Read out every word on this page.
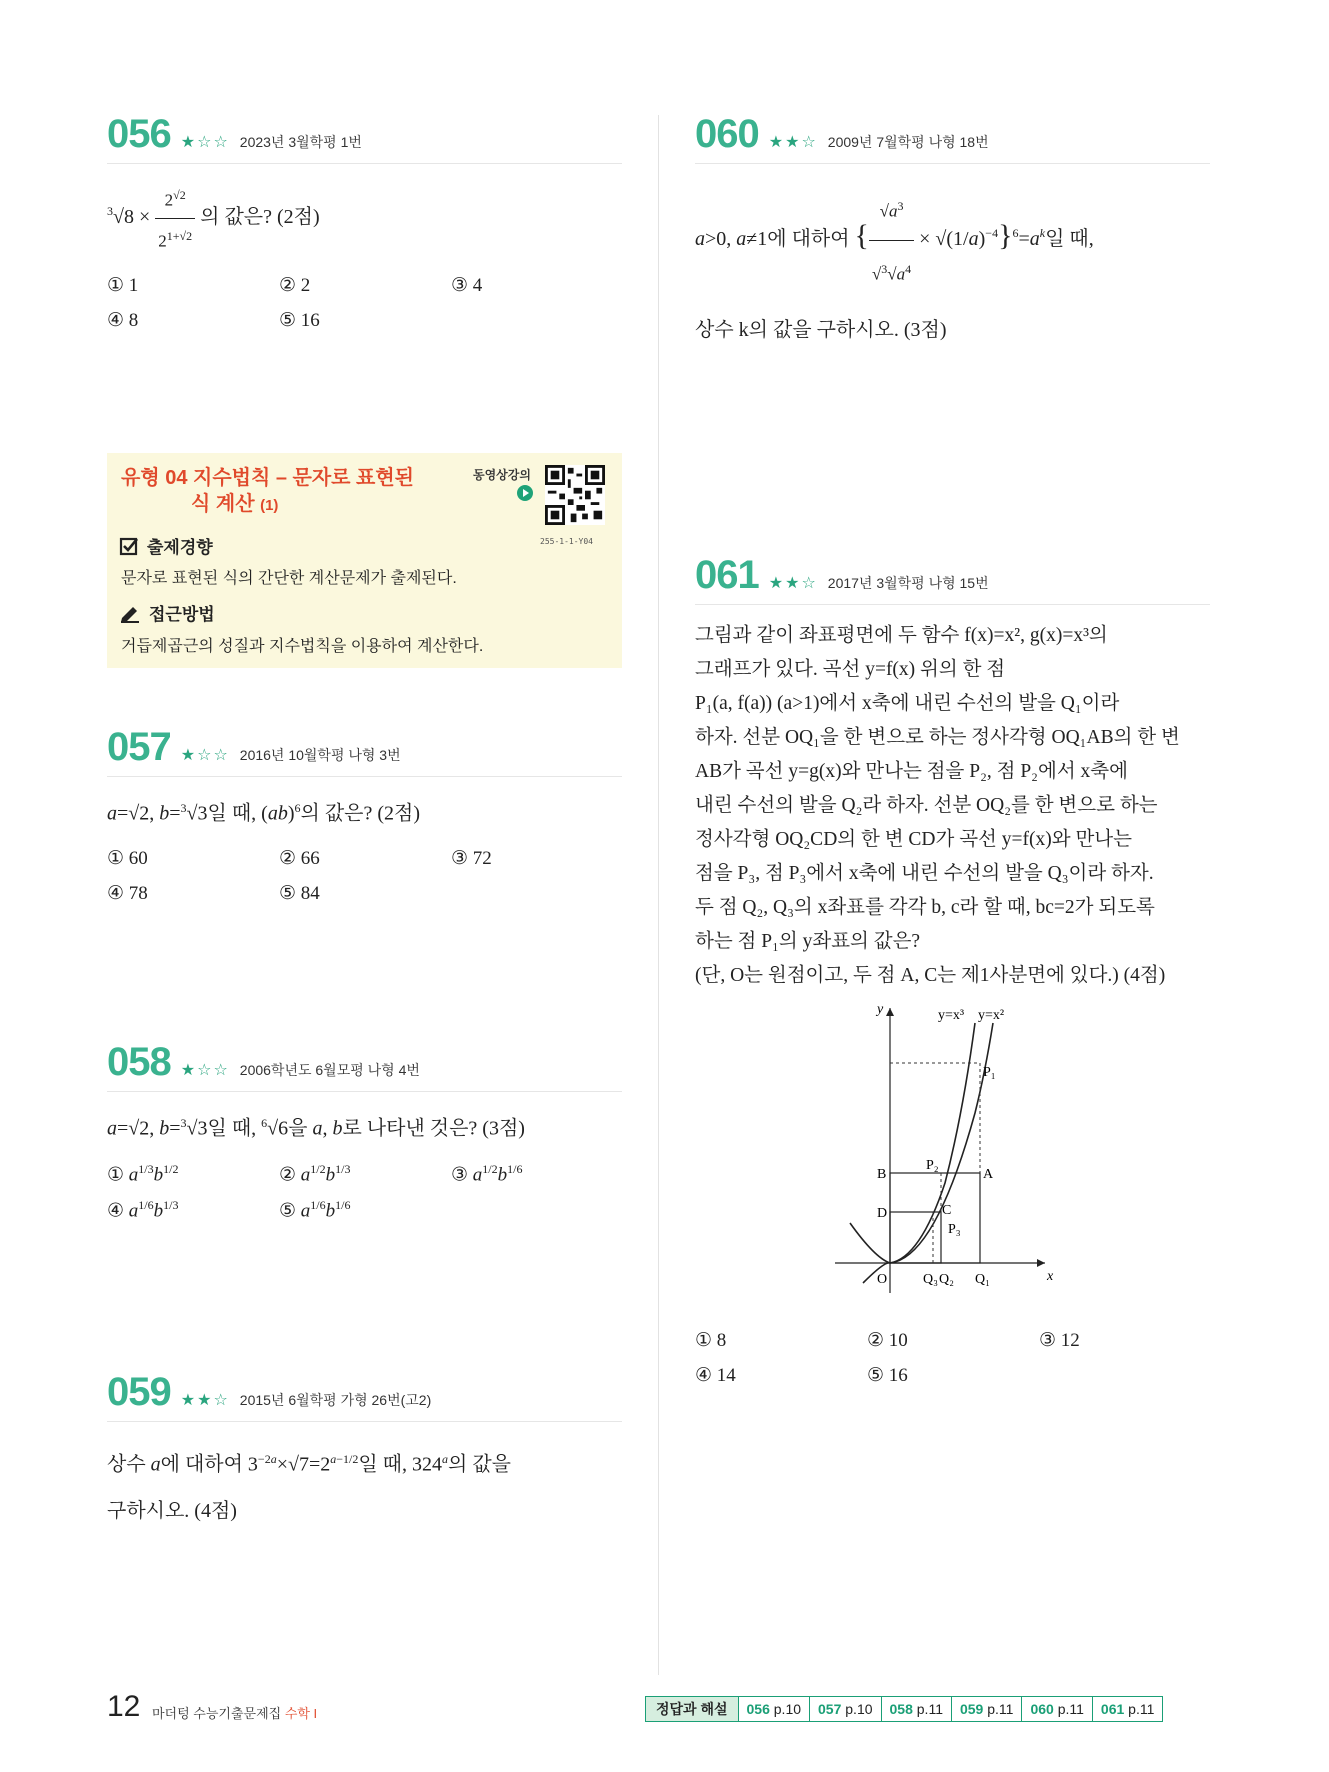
056 ★☆☆ 2023년 3월학평 1번
$^3√8 \times \frac{2^{√2}}{2^{1+√2}}$ 의 값은? (2점)
① 1	② 2	③ 4
④ 8	⑤ 16
유형 04 지수법칙 – 문자로 표현된
식 계산 (1)
동영상강의
255-1-1-Y04
출제경향
문자로 표현된 식의 간단한 계산문제가 출제된다.
접근방법
거듭제곱근의 성질과 지수법칙을 이용하여 계산한다.
057 ★☆☆ 2016년 10월학평 나형 3번
a=√2, b=$^3$√3일 때, (ab)$^6$의 값은? (2점)
① 60	② 66	③ 72
④ 78	⑤ 84
058 ★☆☆ 2006학년도 6월모평 나형 4번
a=√2, b=$^3$√3일 때, $^6$√6을 a, b로 나타낸 것은? (3점)
① $a^{1/3}b^{1/2}$	② $a^{1/2}b^{1/3}$	③ $a^{1/2}b^{1/6}$
④ $a^{1/6}b^{1/3}$	⑤ $a^{1/6}b^{1/6}$
059 ★★☆ 2015년 6월학평 가형 26번(고2)
상수 a에 대하여 $3^{-2a}\times√7=2^{a-1/2}$일 때, 324$^a$의 값을
구하시오. (4점)
060 ★★☆ 2009년 7월학평 나형 18번
a>0, a≠1에 대하여 { $\frac{√a^3}{√^3√a^4} \times √(1/a)^{-4}\}^6=a^k$일 때,
상수 k의 값을 구하시오. (3점)
061 ★★☆ 2017년 3월학평 나형 15번
그림과 같이 좌표평면에 두 함수 f(x)=x², g(x)=x³의
그래프가 있다. 곡선 y=f(x) 위의 한 점
P₁(a, f(a)) (a>1)에서 x축에 내린 수선의 발을 Q₁이라
하자. 선분 OQ₁을 한 변으로 하는 정사각형 OQ₁AB의 한 변
AB가 곡선 y=g(x)와 만나는 점을 P₂, 점 P₂에서 x축에
내린 수선의 발을 Q₂라 하자. 선분 OQ₂를 한 변으로 하는
정사각형 OQ₂CD의 한 변 CD가 곡선 y=f(x)와 만나는
점을 P₃, 점 P₃에서 x축에 내린 수선의 발을 Q₃이라 하자.
두 점 Q₂, Q₃의 x좌표를 각각 b, c라 할 때, bc=2가 되도록
하는 점 P₁의 y좌표의 값은?
(단, O는 원점이고, 두 점 A, C는 제1사분면에 있다.) (4점)
y
x
O
y=x³ y=x²
P₁
A
B
P₂
C
D
P₃
Q₃ Q₂ Q₁
① 8	② 10	③ 12
④ 14	⑤ 16
12 마더텅 수능기출문제집 수학 I	정답과 해설	056 p.10	057 p.10	058 p.11	059 p.11	060 p.11	061 p.11
